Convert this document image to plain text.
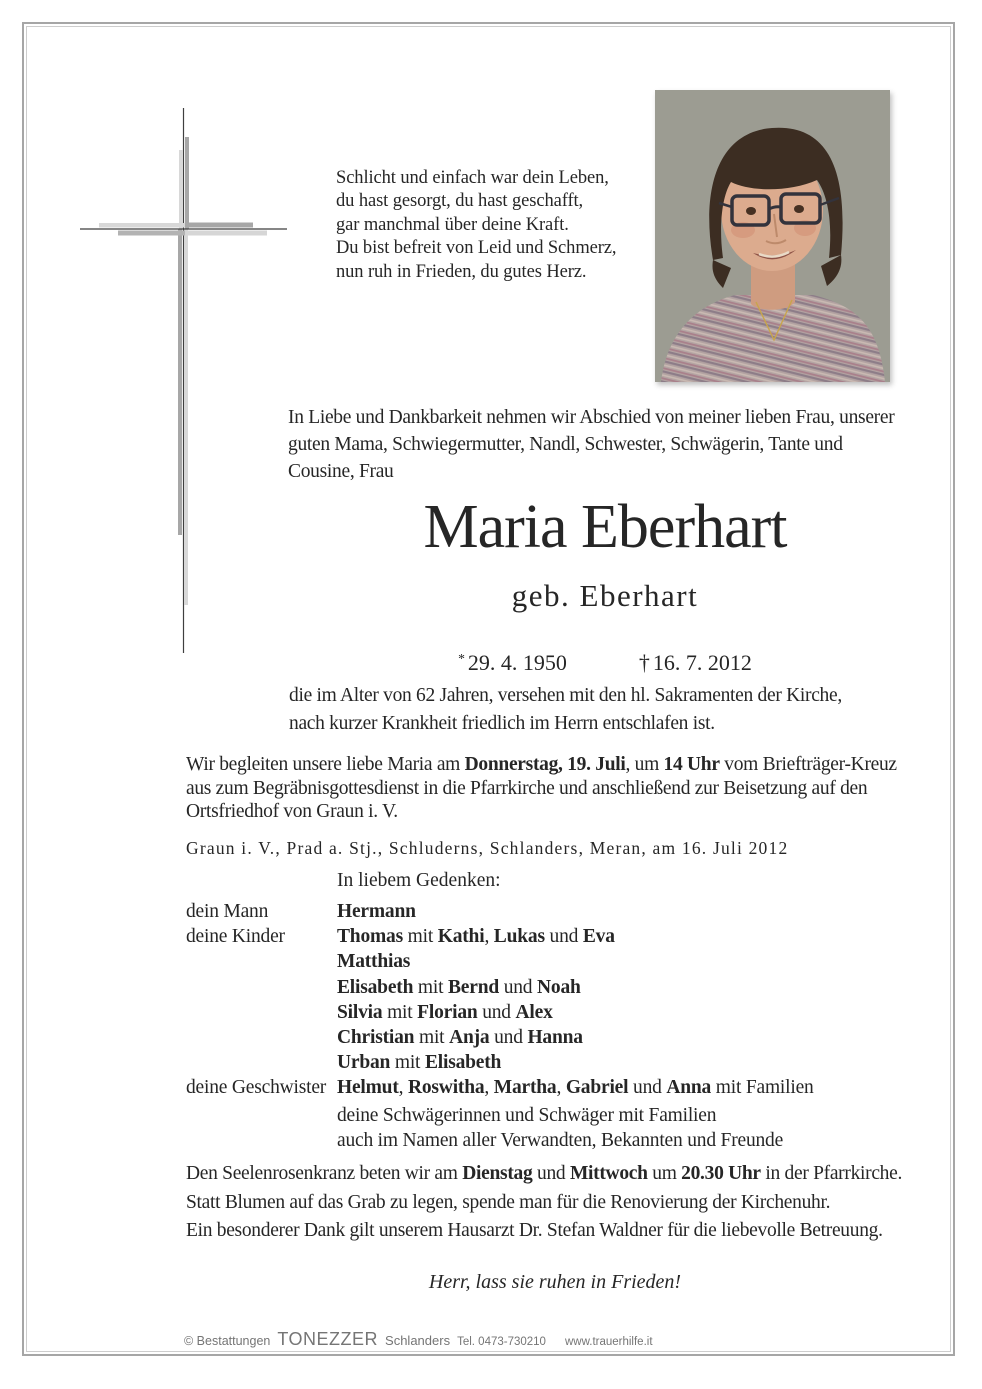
Schlicht und einfach war dein Leben,
du hast gesorgt, du hast geschafft,
gar manchmal über deine Kraft.
Du bist befreit von Leid und Schmerz,
nun ruh in Frieden, du gutes Herz.
In Liebe und Dankbarkeit nehmen wir Abschied von meiner lieben Frau, unserer
guten Mama, Schwiegermutter, Nandl, Schwester, Schwägerin, Tante und
Cousine, Frau
Maria Eberhart
geb. Eberhart
* 29. 4. 1950	† 16. 7. 2012
die im Alter von 62 Jahren, versehen mit den hl. Sakramenten der Kirche,
nach kurzer Krankheit friedlich im Herrn entschlafen ist.
Wir begleiten unsere liebe Maria am Donnerstag, 19. Juli, um 14 Uhr vom Briefträger-Kreuz
aus zum Begräbnisgottesdienst in die Pfarrkirche und anschließend zur Beisetzung auf den
Ortsfriedhof von Graun i. V.
Graun i. V., Prad a. Stj., Schluderns, Schlanders, Meran, am 16. Juli 2012
In liebem Gedenken:
dein Mann	Hermann
deine Kinder	Thomas mit Kathi, Lukas und Eva
Matthias
Elisabeth mit Bernd und Noah
Silvia mit Florian und Alex
Christian mit Anja und Hanna
Urban mit Elisabeth
deine Geschwister Helmut, Roswitha, Martha, Gabriel und Anna mit Familien
deine Schwägerinnen und Schwäger mit Familien
auch im Namen aller Verwandten, Bekannten und Freunde
Den Seelenrosenkranz beten wir am Dienstag und Mittwoch um 20.30 Uhr in der Pfarrkirche.
Statt Blumen auf das Grab zu legen, spende man für die Renovierung der Kirchenuhr.
Ein besonderer Dank gilt unserem Hausarzt Dr. Stefan Waldner für die liebevolle Betreuung.
Herr, lass sie ruhen in Frieden!
© Bestattungen TONEZZER Schlanders Tel. 0473-730210 www.trauerhilfe.it
